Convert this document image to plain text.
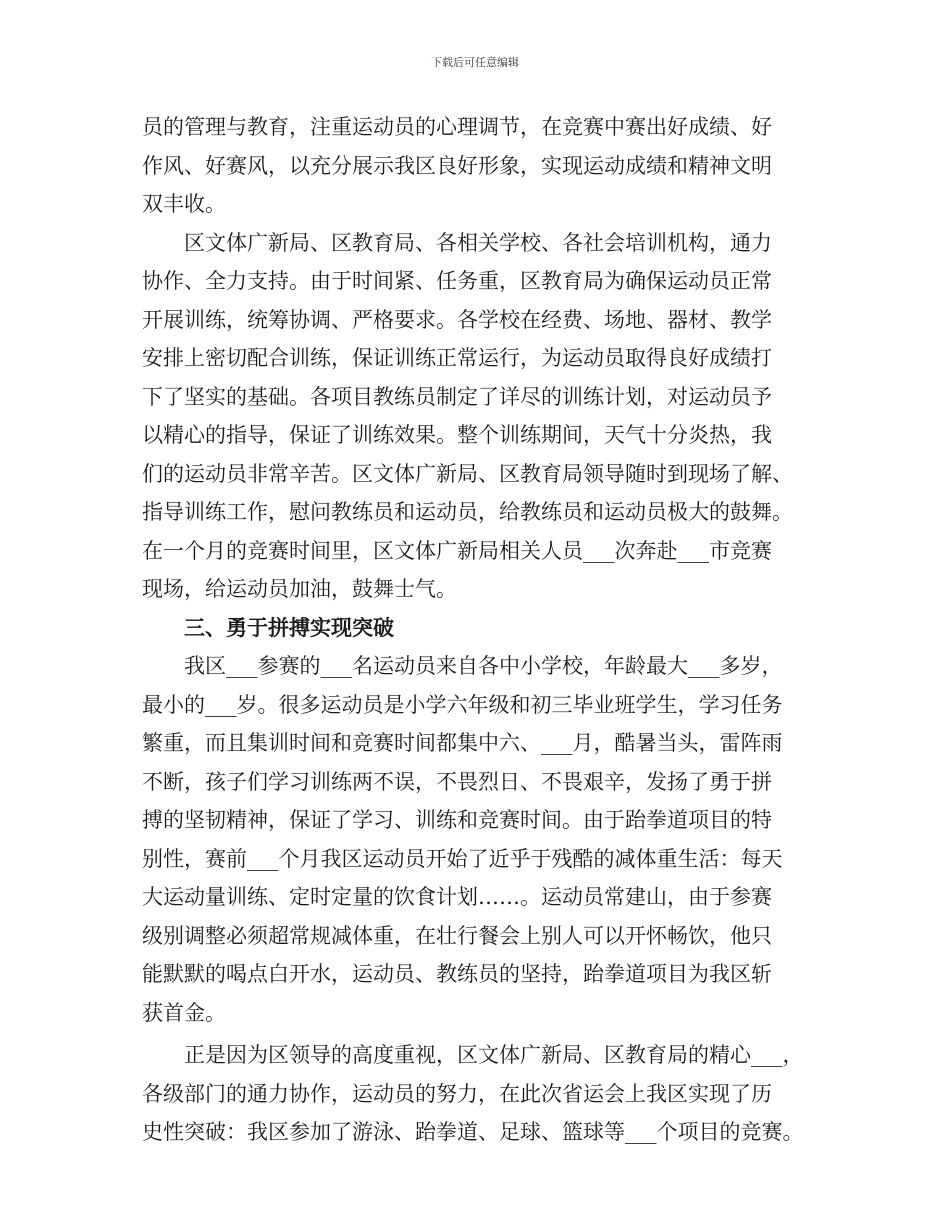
下载后可任意编辑
员的管理与教育，注重运动员的心理调节，在竞赛中赛出好成绩、好
作风、好赛风，以充分展示我区良好形象，实现运动成绩和精神文明
双丰收。
区文体广新局、区教育局、各相关学校、各社会培训机构，通力
协作、全力支持。由于时间紧、任务重，区教育局为确保运动员正常
开展训练，统筹协调、严格要求。各学校在经费、场地、器材、教学
安排上密切配合训练，保证训练正常运行，为运动员取得良好成绩打
下了坚实的基础。各项目教练员制定了详尽的训练计划，对运动员予
以精心的指导，保证了训练效果。整个训练期间，天气十分炎热，我
们的运动员非常辛苦。区文体广新局、区教育局领导随时到现场了解、
指导训练工作，慰问教练员和运动员，给教练员和运动员极大的鼓舞。
在一个月的竞赛时间里，区文体广新局相关人员___次奔赴___市竞赛
现场，给运动员加油，鼓舞士气。
三、勇于拼搏实现突破
我区___参赛的___名运动员来自各中小学校，年龄最大___多岁，
最小的___岁。很多运动员是小学六年级和初三毕业班学生，学习任务
繁重，而且集训时间和竞赛时间都集中六、___月，酷暑当头，雷阵雨
不断，孩子们学习训练两不误，不畏烈日、不畏艰辛，发扬了勇于拼
搏的坚韧精神，保证了学习、训练和竞赛时间。由于跆拳道项目的特
别性，赛前___个月我区运动员开始了近乎于残酷的减体重生活：每天
大运动量训练、定时定量的饮食计划……。运动员常建山，由于参赛
级别调整必须超常规减体重，在壮行餐会上别人可以开怀畅饮，他只
能默默的喝点白开水，运动员、教练员的坚持，跆拳道项目为我区斩
获首金。
正是因为区领导的高度重视，区文体广新局、区教育局的精心___，
各级部门的通力协作，运动员的努力，在此次省运会上我区实现了历
史性突破：我区参加了游泳、跆拳道、足球、篮球等___个项目的竞赛。
